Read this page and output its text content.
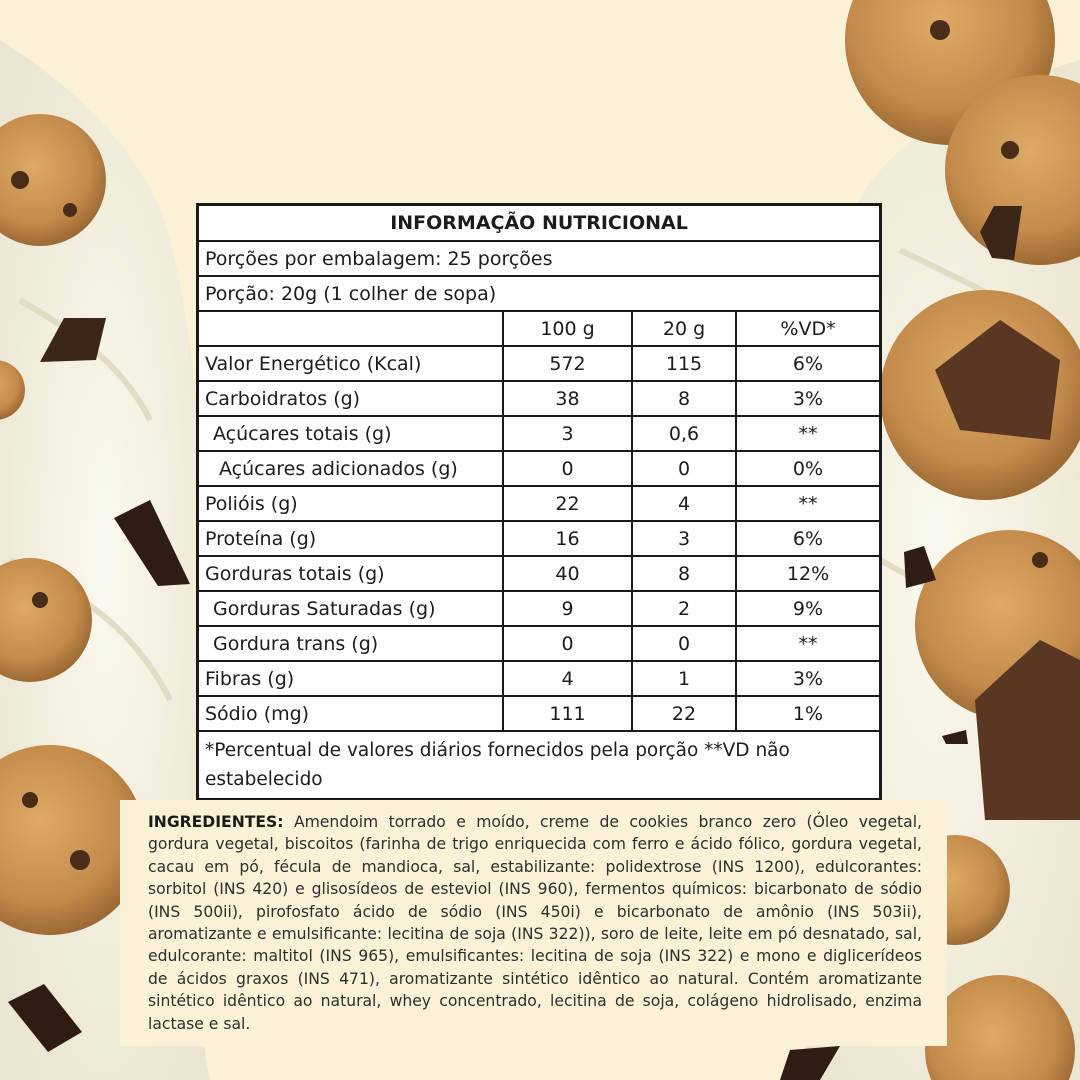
INFORMAÇÃO NUTRICIONAL			
Porções por embalagem: 25 porções			
Porção: 20g (1 colher de sopa)			
	100 g	20 g	%VD*
Valor Energético (Kcal)	572	115	6%
Carboidratos (g)	38	8	3%
Açúcares totais (g)	3	0,6	**
Açúcares adicionados (g)	0	0	0%
Polióis (g)	22	4	**
Proteína (g)	16	3	6%
Gorduras totais (g)	40	8	12%
Gorduras Saturadas (g)	9	2	9%
Gordura trans (g)	0	0	**
Fibras (g)	4	1	3%
Sódio (mg)	111	22	1%
*Percentual de valores diários fornecidos pela porção **VD não estabelecido			
INGREDIENTES: Amendoim torrado e moído, creme de cookies branco zero (Óleo vegetal, gordura vegetal, biscoitos (farinha de trigo enriquecida com ferro e ácido fólico, gordura vegetal, cacau em pó, fécula de mandioca, sal, estabilizante: polidextrose (INS 1200), edulcorantes: sorbitol (INS 420) e glisosídeos de esteviol (INS 960), fermentos químicos: bicarbonato de sódio (INS 500ii), pirofosfato ácido de sódio (INS 450i) e bicarbonato de amônio (INS 503ii), aromatizante e emulsificante: lecitina de soja (INS 322)), soro de leite, leite em pó desnatado, sal, edulcorante: maltitol (INS 965), emulsificantes: lecitina de soja (INS 322) e mono e diglicerídeos de ácidos graxos (INS 471), aromatizante sintético idêntico ao natural. Contém aromatizante sintético idêntico ao natural, whey concentrado, lecitina de soja, colágeno hidrolisado, enzima lactase e sal.
